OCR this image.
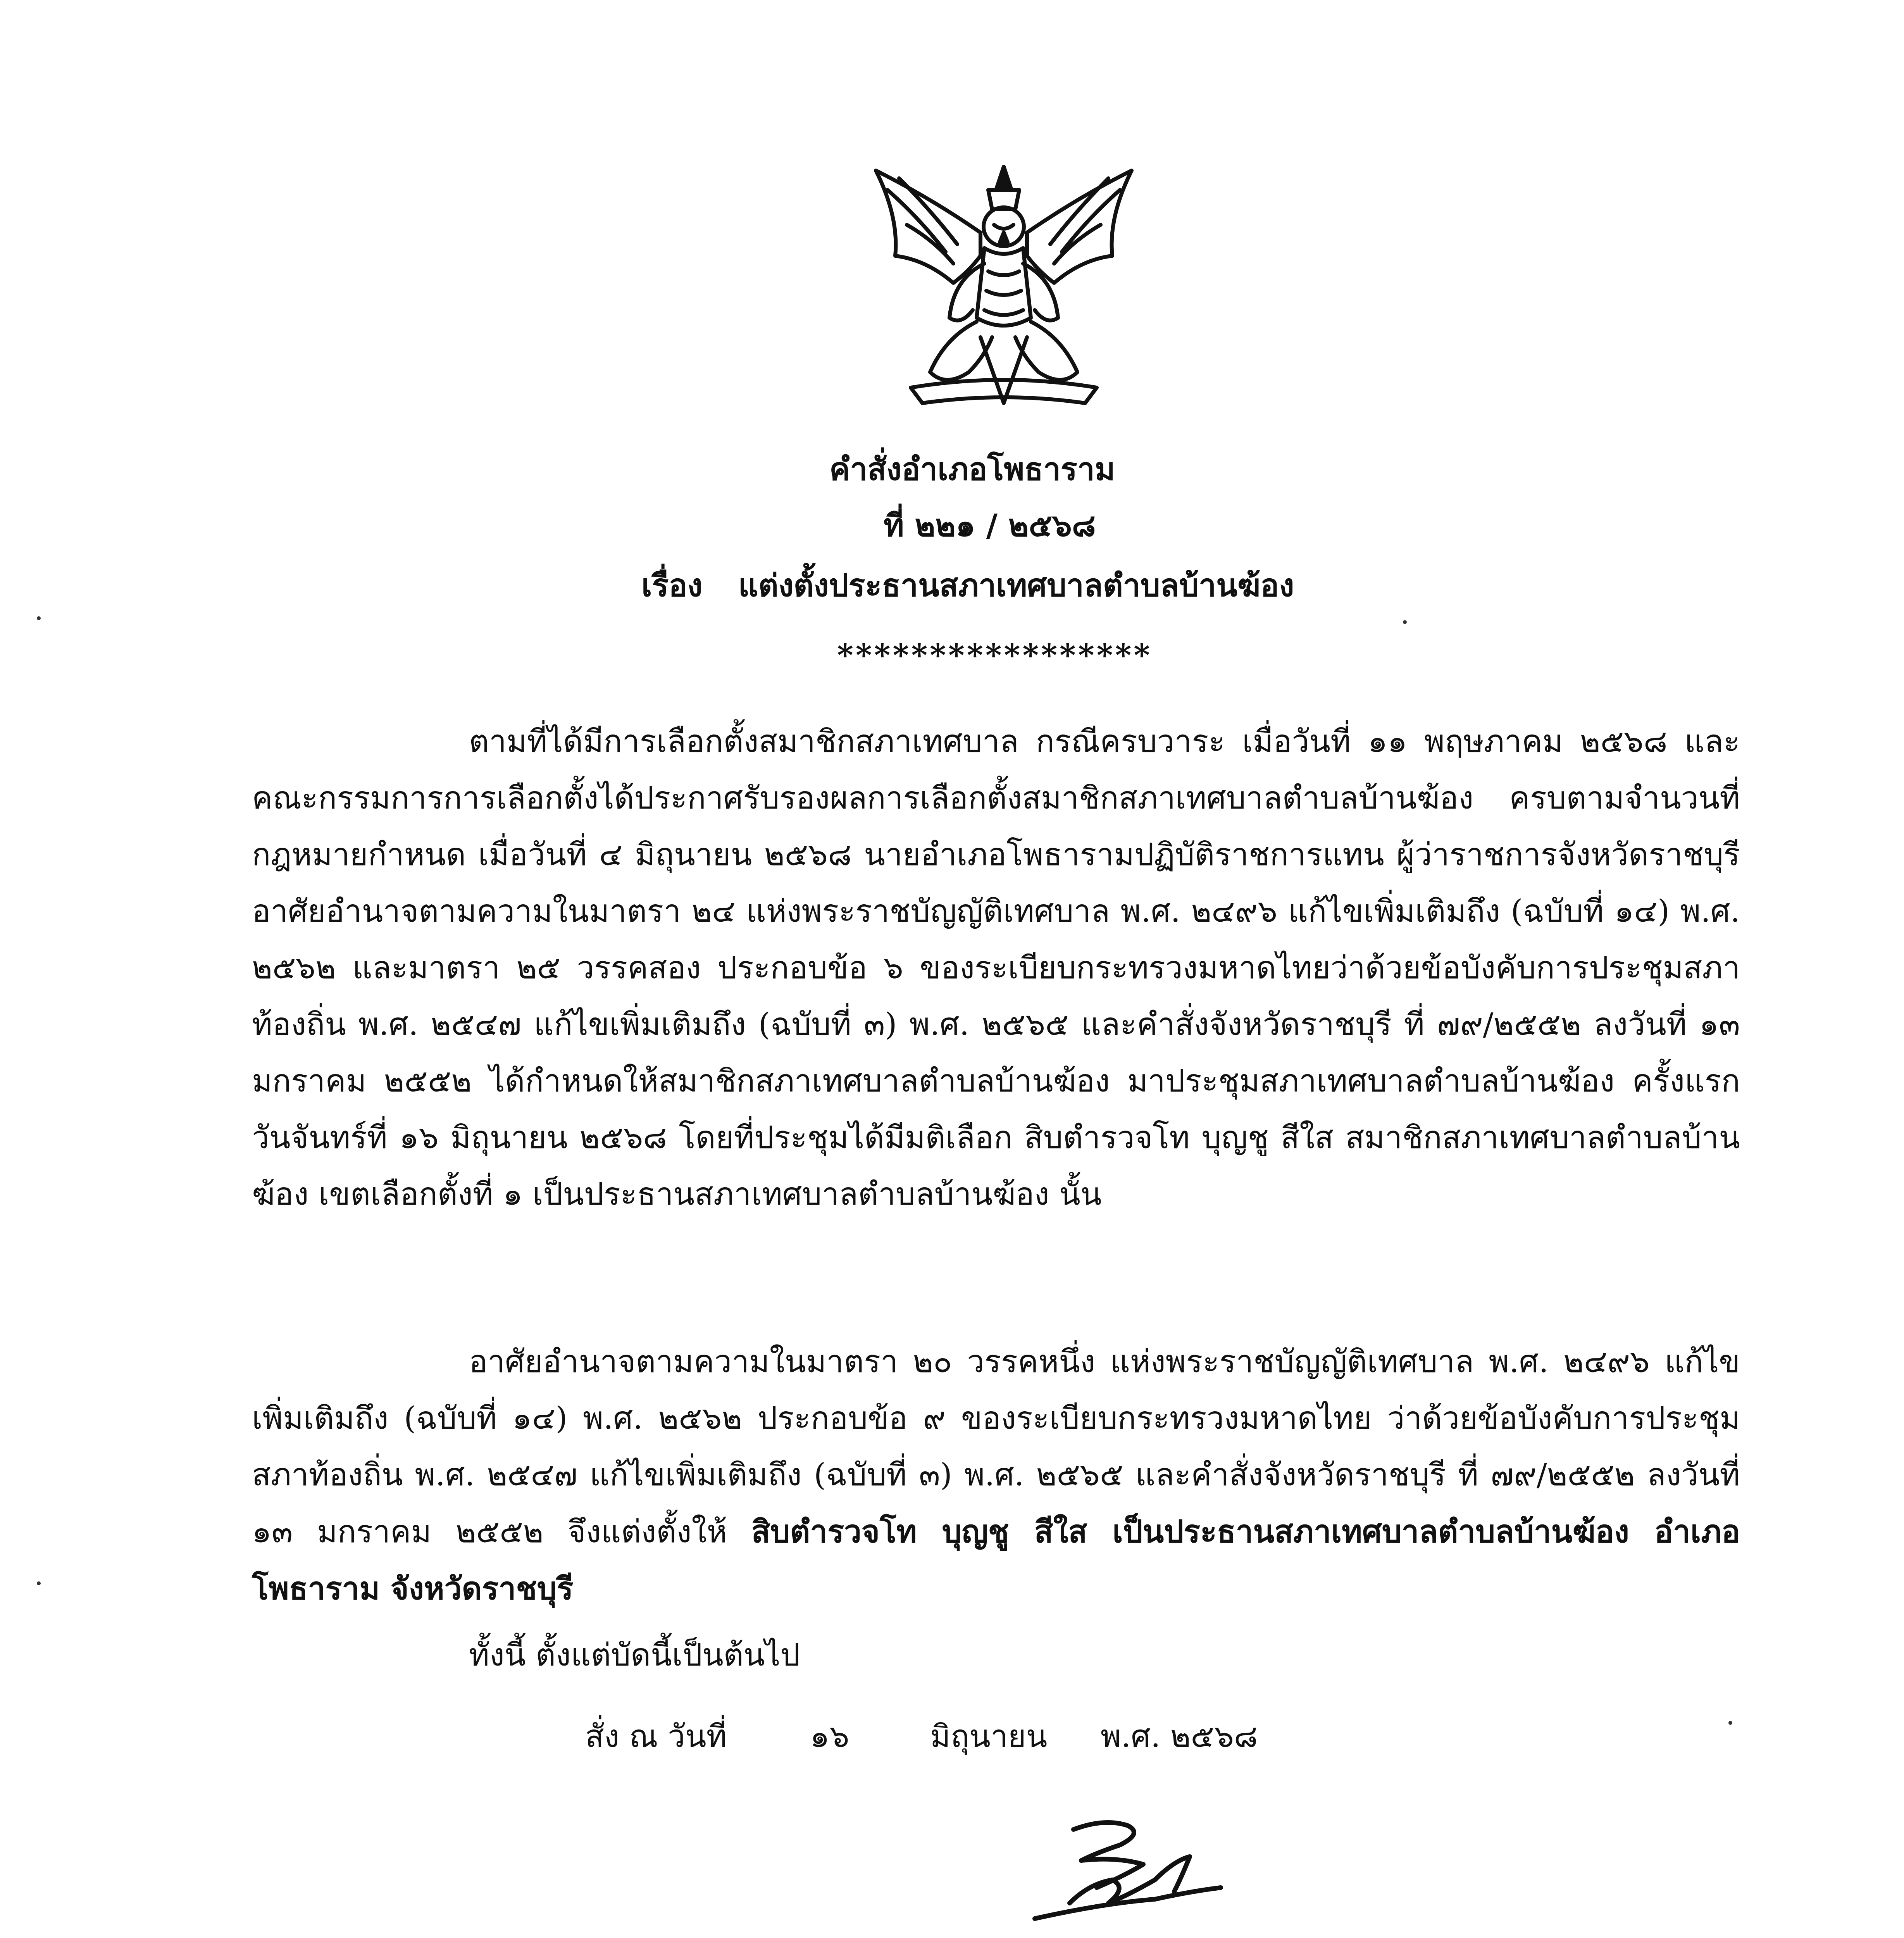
คำสั่งอำเภอโพธาราม
ที่ ๒๒๑ / ๒๕๖๘
เรื่อง	แต่งตั้งประธานสภาเทศบาลตำบลบ้านฆ้อง
*****************

ตามที่ได้มีการเลือกตั้งสมาชิกสภาเทศบาล กรณีครบวาระ เมื่อวันที่ ๑๑ พฤษภาคม ๒๕๖๘ และคณะกรรมการการเลือกตั้งได้ประกาศรับรองผลการเลือกตั้งสมาชิกสภาเทศบาลตำบลบ้านฆ้อง ครบตามจำนวนที่กฎหมายกำหนด เมื่อวันที่ ๔ มิถุนายน ๒๕๖๘ นายอำเภอโพธารามปฏิบัติราชการแทน ผู้ว่าราชการจังหวัดราชบุรี อาศัยอำนาจตามความในมาตรา ๒๔ แห่งพระราชบัญญัติเทศบาล พ.ศ. ๒๔๙๖ แก้ไขเพิ่มเติมถึง (ฉบับที่ ๑๔) พ.ศ. ๒๕๖๒ และมาตรา ๒๕ วรรคสอง ประกอบข้อ ๖ ของระเบียบกระทรวงมหาดไทยว่าด้วยข้อบังคับการประชุมสภาท้องถิ่น พ.ศ. ๒๕๔๗ แก้ไขเพิ่มเติมถึง (ฉบับที่ ๓) พ.ศ. ๒๕๖๕ และคำสั่งจังหวัดราชบุรี ที่ ๗๙/๒๕๕๒ ลงวันที่ ๑๓ มกราคม ๒๕๕๒ ได้กำหนดให้สมาชิกสภาเทศบาลตำบลบ้านฆ้อง มาประชุมสภาเทศบาลตำบลบ้านฆ้อง ครั้งแรก วันจันทร์ที่ ๑๖ มิถุนายน ๒๕๖๘ โดยที่ประชุมได้มีมติเลือก สิบตำรวจโท บุญชู สีใส สมาชิกสภาเทศบาลตำบลบ้านฆ้อง เขตเลือกตั้งที่ ๑ เป็นประธานสภาเทศบาลตำบลบ้านฆ้อง นั้น

อาศัยอำนาจตามความในมาตรา ๒๐ วรรคหนึ่ง แห่งพระราชบัญญัติเทศบาล พ.ศ. ๒๔๙๖ แก้ไขเพิ่มเติมถึง (ฉบับที่ ๑๔) พ.ศ. ๒๕๖๒ ประกอบข้อ ๙ ของระเบียบกระทรวงมหาดไทย ว่าด้วยข้อบังคับการประชุมสภาท้องถิ่น พ.ศ. ๒๕๔๗ แก้ไขเพิ่มเติมถึง (ฉบับที่ ๓) พ.ศ. ๒๕๖๕ และคำสั่งจังหวัดราชบุรี ที่ ๗๙/๒๕๕๒ ลงวันที่ ๑๓ มกราคม ๒๕๕๒ จึงแต่งตั้งให้ สิบตำรวจโท บุญชู สีใส เป็นประธานสภาเทศบาลตำบลบ้านฆ้อง อำเภอโพธาราม จังหวัดราชบุรี

ทั้งนี้ ตั้งแต่บัดนี้เป็นต้นไป
สั่ง ณ วันที่	๑๖	มิถุนายน พ.ศ. ๒๕๖๘
